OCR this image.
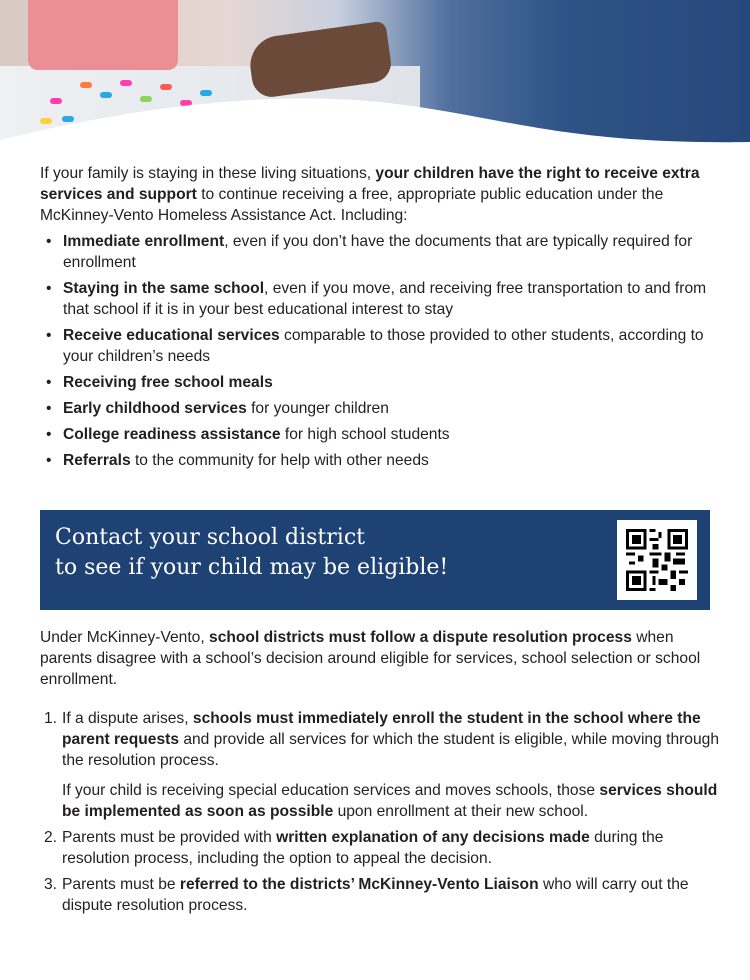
If your family is staying in these living situations, your children have the right to receive extra services and support to continue receiving a free, appropriate public education under the McKinney-Vento Homeless Assistance Act. Including:

• Immediate enrollment, even if you don’t have the documents that are typically required for enrollment
• Staying in the same school, even if you move, and receiving free transportation to and from that school if it is in your best educational interest to stay
• Receive educational services comparable to those provided to other students, according to your children’s needs
• Receiving free school meals
• Early childhood services for younger children
• College readiness assistance for high school students
• Referrals to the community for help with other needs
Contact your school district
to see if your child may be eligible!

Under McKinney-Vento, school districts must follow a dispute resolution process when parents disagree with a school’s decision around eligible for services, school selection or school enrollment.

1. If a dispute arises, schools must immediately enroll the student in the school where the parent requests and provide all services for which the student is eligible, while moving through the resolution process.

If your child is receiving special education services and moves schools, those services should be implemented as soon as possible upon enrollment at their new school.

2. Parents must be provided with written explanation of any decisions made during the resolution process, including the option to appeal the decision.
3. Parents must be referred to the districts’ McKinney-Vento Liaison who will carry out the dispute resolution process.
